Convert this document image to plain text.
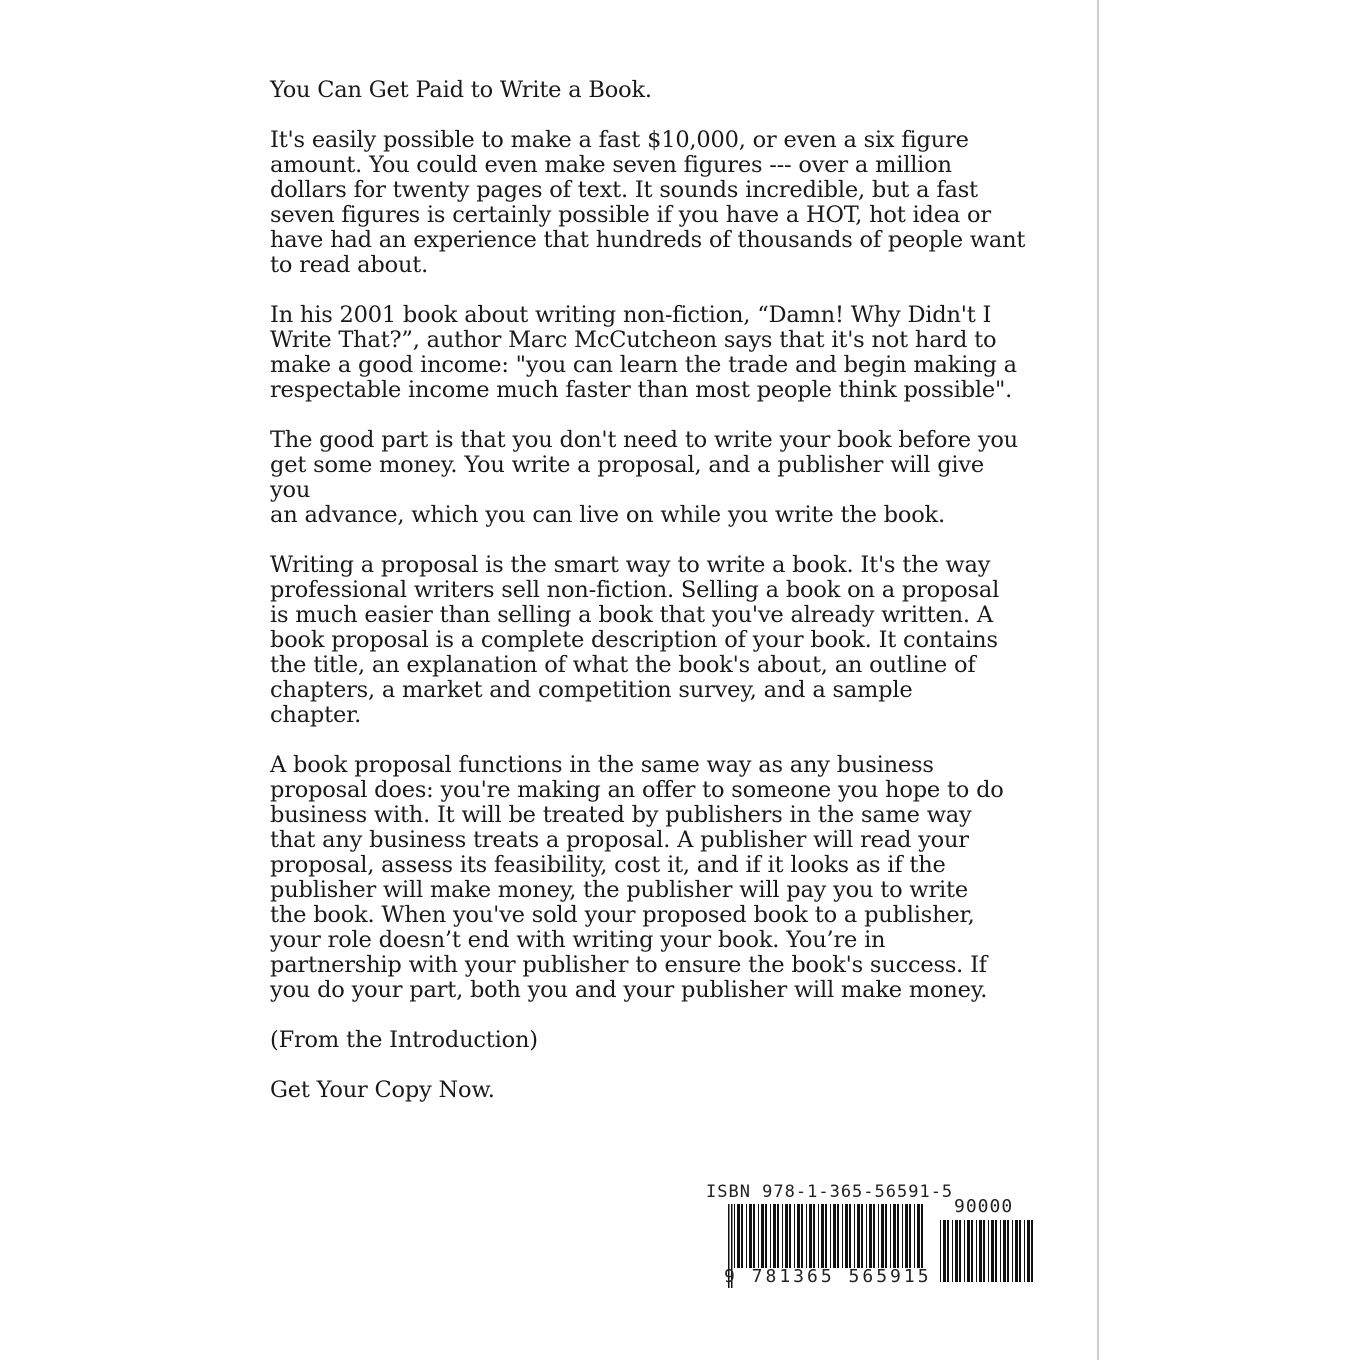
You Can Get Paid to Write a Book.

It's easily possible to make a fast $10,000, or even a six figure
amount. You could even make seven figures --- over a million
dollars for twenty pages of text. It sounds incredible, but a fast
seven figures is certainly possible if you have a HOT, hot idea or
have had an experience that hundreds of thousands of people want
to read about.

In his 2001 book about writing non-fiction, “Damn! Why Didn't I
Write That?”, author Marc McCutcheon says that it's not hard to
make a good income: "you can learn the trade and begin making a
respectable income much faster than most people think possible".

The good part is that you don't need to write your book before you
get some money. You write a proposal, and a publisher will give you
an advance, which you can live on while you write the book.

Writing a proposal is the smart way to write a book. It's the way
professional writers sell non-fiction. Selling a book on a proposal
is much easier than selling a book that you've already written. A
book proposal is a complete description of your book. It contains
the title, an explanation of what the book's about, an outline of
chapters, a market and competition survey, and a sample
chapter.

A book proposal functions in the same way as any business
proposal does: you're making an offer to someone you hope to do
business with. It will be treated by publishers in the same way
that any business treats a proposal. A publisher will read your
proposal, assess its feasibility, cost it, and if it looks as if the
publisher will make money, the publisher will pay you to write
the book. When you've sold your proposed book to a publisher,
your role doesn’t end with writing your book. You’re in
partnership with your publisher to ensure the book's success. If
you do your part, both you and your publisher will make money.

(From the Introduction)

Get Your Copy Now.

ISBN 978-1-365-56591-5
90000
9 781365 565915
